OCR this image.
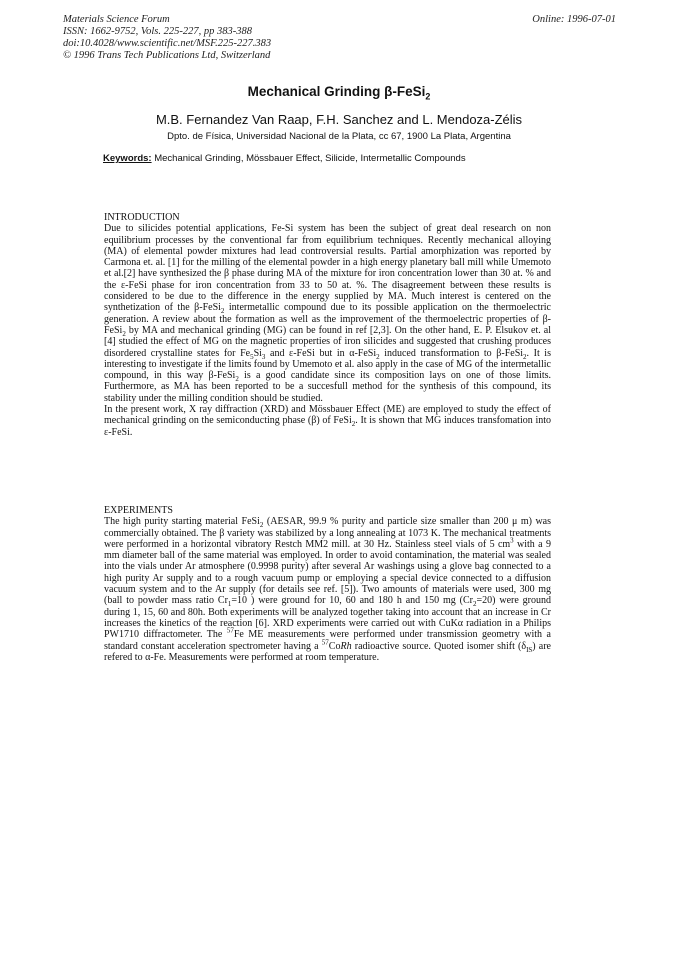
Materials Science Forum
ISSN: 1662-9752, Vols. 225-227, pp 383-388
doi:10.4028/www.scientific.net/MSF.225-227.383
© 1996 Trans Tech Publications Ltd, Switzerland
Online: 1996-07-01
Mechanical Grinding β-FeSi$_2$
M.B. Fernandez Van Raap, F.H. Sanchez and L. Mendoza-Zélis
Dpto. de Física, Universidad Nacional de la Plata, cc 67, 1900 La Plata, Argentina
Keywords: Mechanical Grinding, Mössbauer Effect, Silicide, Intermetallic Compounds
INTRODUCTION

Due to silicides potential applications, Fe-Si system has been the subject of great deal research on non equilibrium processes by the conventional far from equilibrium techniques. Recently mechanical alloying (MA) of elemental powder mixtures had lead controversial results. Partial amorphization was reported by Carmona et. al. [1] for the milling of the elemental powder in a high energy planetary ball mill while Umemoto et al.[2] have synthesized the β phase during MA of the mixture for iron concentration lower than 30 at. % and the ε-FeSi phase for iron concentration from 33 to 50 at. %. The disagreement between these results is considered to be due to the difference in the energy supplied by MA. Much interest is centered on the synthetization of the β-FeSi$_2$ intermetallic compound due to its possible application on the thermoelectric generation. A review about the formation as well as the improvement of the thermoelectric properties of β-FeSi$_2$ by MA and mechanical grinding (MG) can be found in ref [2,3]. On the other hand, E. P. Elsukov et. al [4] studied the effect of MG on the magnetic properties of iron silicides and suggested that crushing produces disordered crystalline states for $Fe_5Si_3$ and ε-FeSi but in α-FeSi$_2$ induced transformation to β-FeSi$_2$. It is interesting to investigate if the limits found by Umemoto et al. also apply in the case of MG of the intermetallic compound, in this way β-FeSi$_2$ is a good candidate since its composition lays on one of those limits. Furthermore, as MA has been reported to be a succesfull method for the synthesis of this compound, its stability under the milling condition should be studied.

In the present work, X ray diffraction (XRD) and Mössbauer Effect (ME) are employed to study the effect of mechanical grinding on the semiconducting phase (β) of FeSi$_2$. It is shown that MG induces transfomation into ε-FeSi.

EXPERIMENTS

The high purity starting material FeSi$_2$ (AESAR, 99.9 % purity and particle size smaller than 200 μ m) was commercially obtained. The β variety was stabilized by a long annealing at 1073 K. The mechanical treatments were performed in a horizontal vibratory Restch MM2 mill. at 30 Hz. Stainless steel vials of 5 $cm^3$ with a 9 mm diameter ball of the same material was employed. In order to avoid contamination, the material was sealed into the vials under Ar atmosphere (0.9998 purity) after several Ar washings using a glove bag connected to a high purity Ar supply and to a rough vacuum pump or employing a special device connected to a diffusion vacuum system and to the Ar supply (for details see ref. [5]). Two amounts of materials were used, 300 mg (ball to powder mass ratio $Cr_1=10$ ) were ground for 10, 60 and 180 h and 150 mg $(Cr_2=20)$ were ground during 1, 15, 60 and 80h. Both experiments will be analyzed together taking into account that an increase in Cr increases the kinetics of the reaction [6]. XRD experiments were carried out with CuKα radiation in a Philips PW1710 diffractometer. The $^{57}$Fe ME measurements were performed under transmission geometry with a standard constant acceleration spectrometer having a $^{57}$CoRh radioactive source. Quoted isomer shift $(\delta_{IS})$ are refered to α-Fe. Measurements were performed at room temperature.
